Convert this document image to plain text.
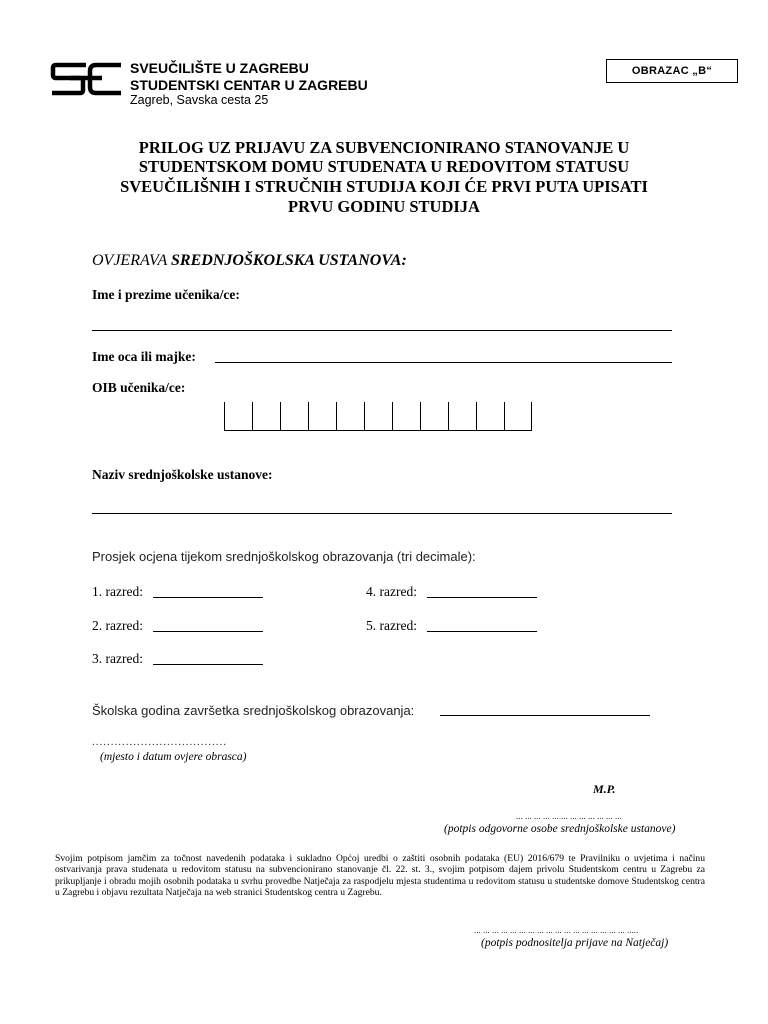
SVEUČILIŠTE U ZAGREBU
STUDENTSKI CENTAR U ZAGREBU
Zagreb, Savska cesta 25
OBRAZAC „B“
PRILOG UZ PRIJAVU ZA SUBVENCIONIRANO STANOVANJE U
STUDENTSKOM DOMU STUDENATA U REDOVITOM STATUSU
SVEUČILIŠNIH I STRUČNIH STUDIJA KOJI ĆE PRVI PUTA UPISATI
PRVU GODINU STUDIJA
OVJERAVA SREDNJOŠKOLSKA USTANOVA:
Ime i prezime učenika/ce:
Ime oca ili majke:
OIB učenika/ce:
Naziv srednjoškolske ustanove:
Prosjek ocjena tijekom srednjoškolskog obrazovanja (tri decimale):
1. razred:	4. razred:
2. razred:	5. razred:
3. razred:
Školska godina završetka srednjoškolskog obrazovanja:
....................................
(mjesto i datum ovjere obrasca)
M.P.
... ... ... ... ... ... ... ... ... ... ... ...
(potpis odgovorne osobe srednjoškolske ustanove)
Svojim potpisom jamčim za točnost navedenih podataka i sukladno Općoj uredbi o zaštiti osobnih podataka (EU) 2016/679 te Pravilniku o uvjetima i načinu ostvarivanja prava studenata u redovitom statusu na subvencionirano stanovanje čl. 22. st. 3., svojim potpisom dajem privolu Studentskom centru u Zagrebu za prikupljanje i obradu mojih osobnih podataka u svrhu provedbe Natječaja za raspodjelu mjesta studentima u redovitom statusu u studentske domove Studentskog centra u Zagrebu i objavu rezultata Natječaja na web stranici Studentskog centra u Zagrebu.
... ... ... ... ... ... ... ... ... ... ... ... ... ... ... ... ... .....
(potpis podnositelja prijave na Natječaj)
